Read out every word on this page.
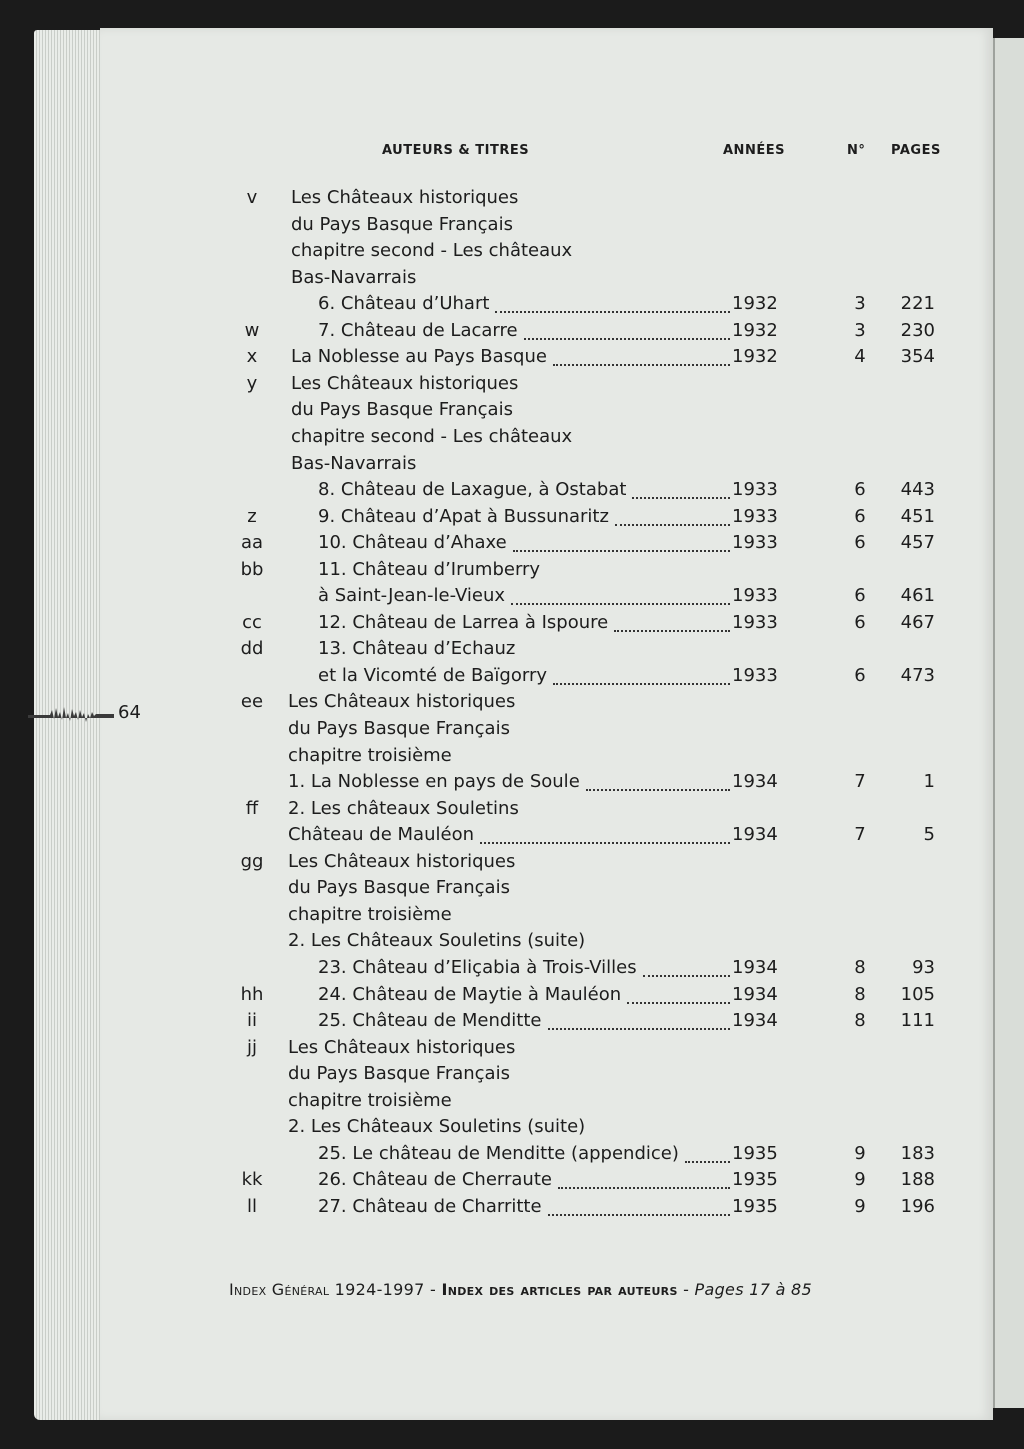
AUTEURS & TITRES	ANNÉES	N° PAGES
v	Les Châteaux historiques
du Pays Basque Français
chapitre second - Les châteaux
Bas-Navarrais
6. Château d’Uhart	1932	3	221
w	7. Château de Lacarre	1932	3	230
x	La Noblesse au Pays Basque	1932	4	354
y	Les Châteaux historiques
du Pays Basque Français
chapitre second - Les châteaux
Bas-Navarrais
8. Château de Laxague, à Ostabat	1933	6	443
z	9. Château d’Apat à Bussunaritz	1933	6	451
aa	10. Château d’Ahaxe	1933	6	457
bb	11. Château d’Irumberry
à Saint-Jean-le-Vieux	1933	6	461
cc	12. Château de Larrea à Ispoure	1933	6	467
dd	13. Château d’Echauz
et la Vicomté de Baïgorry	1933	6	473
ee	Les Châteaux historiques
du Pays Basque Français
chapitre troisième
1. La Noblesse en pays de Soule	1934	7	1
ff	2. Les châteaux Souletins
Château de Mauléon	1934	7	5
gg	Les Châteaux historiques
du Pays Basque Français
chapitre troisième
2. Les Châteaux Souletins (suite)
23. Château d’Eliçabia à Trois-Villes	1934	8	93
hh	24. Château de Maytie à Mauléon	1934	8	105
ii	25. Château de Menditte	1934	8	111
jj	Les Châteaux historiques
du Pays Basque Français
chapitre troisième
2. Les Châteaux Souletins (suite)
25. Le château de Menditte (appendice)	1935	9	183
kk	26. Château de Cherraute	1935	9	188
ll	27. Château de Charritte	1935	9	196
64
Index Général 1924-1997 - Index des articles par auteurs - Pages 17 à 85
